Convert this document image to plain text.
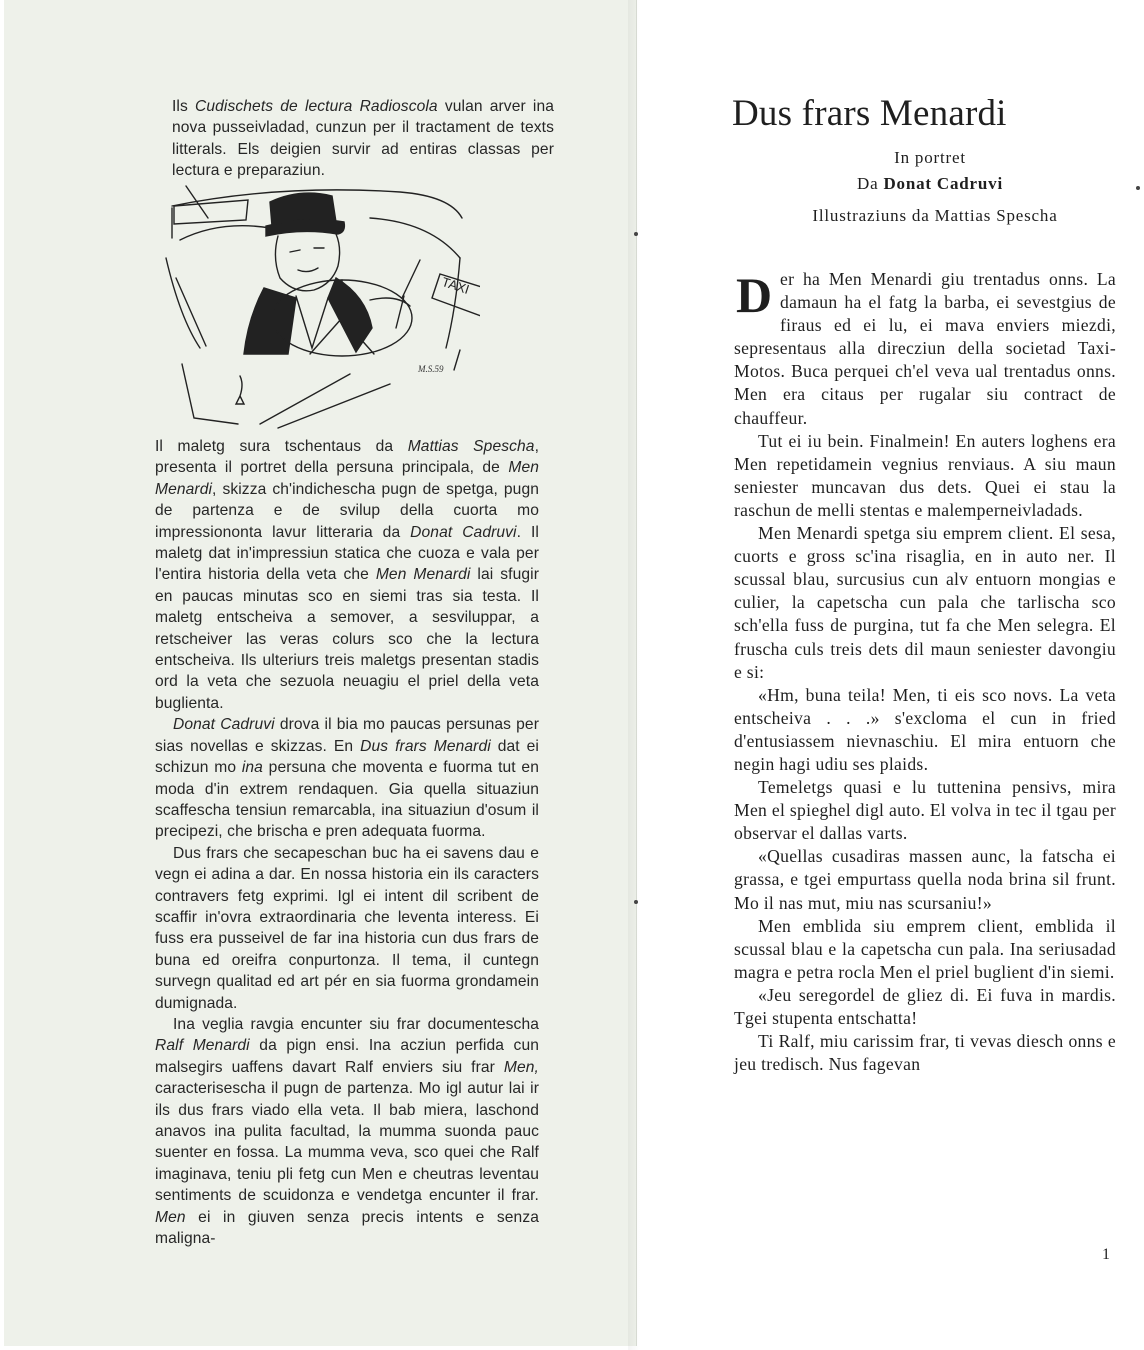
Ils Cudischets de lectura Radioscola vulan arver ina nova pusseivladad, cunzun per il tractament de texts litterals. Els deigien survir ad entiras classas per lectura e preparaziun.

TAXI
M.S.59

Il maletg sura tschentaus da Mattias Spescha, presenta il portret della persuna principala, de Men Menardi, skizza ch'indichescha pugn de spetga, pugn de partenza e de svilup della cuorta mo impressiononta lavur litteraria da Donat Cadruvi. Il maletg dat in'impressiun statica che cuoza e vala per l'entira historia della veta che Men Menardi lai sfugir en paucas minutas sco en siemi tras sia testa. Il maletg entscheiva a semover, a sesviluppar, a retscheiver las veras colurs sco che la lectura entscheiva. Ils ulteriurs treis maletgs presentan stadis ord la veta che sezuola neuagiu el priel della veta buglienta.

Donat Cadruvi drova il bia mo paucas persunas per sias novellas e skizzas. En Dus frars Menardi dat ei schizun mo ina persuna che moventa e fuorma tut en moda d'in extrem rendaquen. Gia quella situaziun scaffescha tensiun remarcabla, ina situaziun d'osum il precipezi, che brischa e pren adequata fuorma.

Dus frars che secapeschan buc ha ei savens dau e vegn ei adina a dar. En nossa historia ein ils caracters contravers fetg exprimi. Igl ei intent dil scribent de scaffir in'ovra extraordinaria che leventa interess. Ei fuss era pusseivel de far ina historia cun dus frars de buna ed oreifra conpurtonza. Il tema, il cuntegn survegn qualitad ed art pér en sia fuorma grondamein dumignada.

Ina veglia ravgia encunter siu frar documentescha Ralf Menardi da pign ensi. Ina acziun perfida cun malsegirs uaffens davart Ralf enviers siu frar Men, caracterisescha il pugn de partenza. Mo igl autur lai ir ils dus frars viado ella veta. Il bab miera, laschond anavos ina pulita facultad, la mumma suonda pauc suenter en fossa. La mumma veva, sco quei che Ralf imaginava, teniu pli fetg cun Men e cheutras leventau sentiments de scuidonza e vendetga encunter il frar. Men ei in giuven senza precis intents e senza maligna-

Dus frars Menardi
In portret
Da Donat Cadruvi
Illustraziuns da Mattias Spescha

D er ha Men Menardi giu trentadus onns. La damaun ha el fatg la barba, ei sevestgius de firaus ed ei lu, ei mava enviers miezdi, sepresentaus alla direcziun della societad Taxi-Motos. Buca perquei ch'el veva ual trentadus onns. Men era citaus per rugalar siu contract de chauffeur.

Tut ei iu bein. Finalmein! En auters loghens era Men repetidamein vegnius renviaus. A siu maun seniester muncavan dus dets. Quei ei stau la raschun de melli stentas e malemperneivladads.

Men Menardi spetga siu emprem client. El sesa, cuorts e gross sc'ina risaglia, en in auto ner. Il scussal blau, surcusius cun alv entuorn mongias e culier, la capetscha cun pala che tarlischa sco sch'ella fuss de purgina, tut fa che Men selegra. El fruscha culs treis dets dil maun seniester davongiu e si:

«Hm, buna teila! Men, ti eis sco novs. La veta entscheiva . . .» s'excloma el cun in fried d'entusiassem nievnaschiu. El mira entuorn che negin hagi udiu ses plaids.

Temeletgs quasi e lu tuttenina pensivs, mira Men el spieghel digl auto. El volva in tec il tgau per observar el dallas varts.

«Quellas cusadiras massen aunc, la fatscha ei grassa, e tgei empurtass quella noda brina sil frunt. Mo il nas mut, miu nas scursaniu!»

Men emblida siu emprem client, emblida il scussal blau e la capetscha cun pala. Ina seriusadad magra e petra rocla Men el priel buglient d'in siemi.

«Jeu seregordel de gliez di. Ei fuva in mardis. Tgei stupenta entschatta!

Ti Ralf, miu carissim frar, ti vevas diesch onns e jeu tredisch. Nus fagevan

1
